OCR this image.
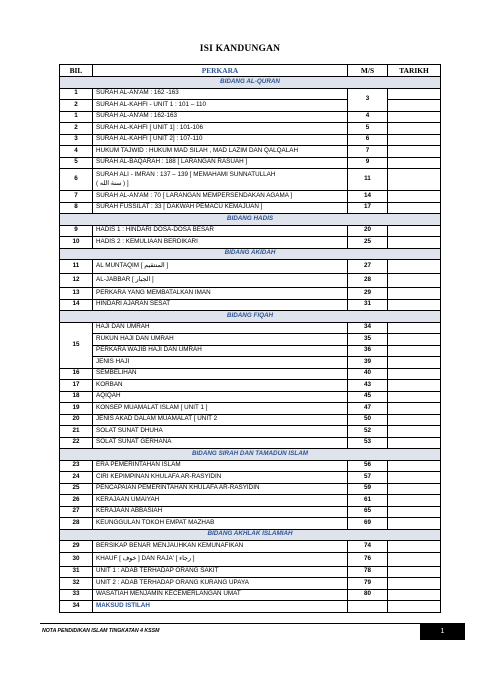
ISI KANDUNGAN
BIL	PERKARA	M/S	TARIKH
BIDANG AL-QURAN			
1	SURAH AL-AN'AM : 162 -163	3	
2	SURAH AL-KAHFI - UNIT 1 : 101 – 110		
1	SURAH AL-AN'AM : 162-163	4	
2	SURAH AL-KAHFI [ UNIT 1] : 101-106	5	
3	SURAH AL-KAHFI [ UNIT 2] : 107-110	6	
4	HUKUM TAJWID : HUKUM MAD SILAH , MAD LAZIM DAN QALQALAH	7	
5	SURAH AL-BAQARAH : 188 [ LARANGAN RASUAH ]	9	
6	SURAH ALI - IMRAN : 137 – 139 [ MEMAHAMI SUNNATULLAH
( سنة الله ) ]	11	
7	SURAH AL-AN'AM : 70 [ LARANGAN MEMPERSENDAKAN AGAMA ]	14	
8	SURAH FUSSILAT : 33 [ DAKWAH PEMACU KEMAJUAN ]	17	
BIDANG HADIS			
9	HADIS 1 : HINDARI DOSA-DOSA BESAR	20	
10	HADIS 2 : KEMULIAAN BERDIKARI	25	
BIDANG AKIDAH			
11	AL MUNTAQIM [ المنتقيم ]	27	
12	AL-JABBAR [ الجبار ]	28	
13	PERKARA YANG MEMBATALKAN IMAN	29	
14	HINDARI AJARAN SESAT	31	
BIDANG FIQAH			
15	HAJI DAN UMRAH	34	
	RUKUN HAJI DAN UMRAH	35	
	PERKARA WAJIB HAJI DAN UMRAH	36	
	JENIS HAJI	39	
16	SEMBELIHAN	40	
17	KORBAN	43	
18	AQIQAH	45	
19	KONSEP MUAMALAT ISLAM [ UNIT 1 ]	47	
20	JENIS AKAD DALAM MUAMALAT [ UNIT 2	50	
21	SOLAT SUNAT DHUHA	52	
22	SOLAT SUNAT GERHANA	53	
BIDANG SIRAH DAN TAMADUN ISLAM			
23	ERA PEMERINTAHAN ISLAM	56	
24	CIRI KEPIMPINAN KHULAFA AR-RASYIDIN	57	
25	PENCAPAIAN PEMERINTAHAN KHULAFA AR-RASYIDIN	59	
26	KERAJAAN UMAIYAH	61	
27	KERAJAAN ABBASIAH	65	
28	KEUNGGULAN TOKOH EMPAT MAZHAB	69	
BIDANG AKHLAK ISLAMIAH			
29	BERSIKAP BENAR MENJAUHKAN KEMUNAFIKAN	74	
30	KHAUF [ خوف ] DAN RAJA' [ رجاء ]	76	
31	UNIT 1 : ADAB TERHADAP ORANG SAKIT	78	
32	UNIT 2 : ADAB TERHADAP ORANG KURANG UPAYA	79	
33	WASATIAH MENJAMIN KECEMERLANGAN UMAT	80	
34	MAKSUD ISTILAH		
NOTA PENDIDIKAN ISLAM TINGKATAN 4 KSSM	1
